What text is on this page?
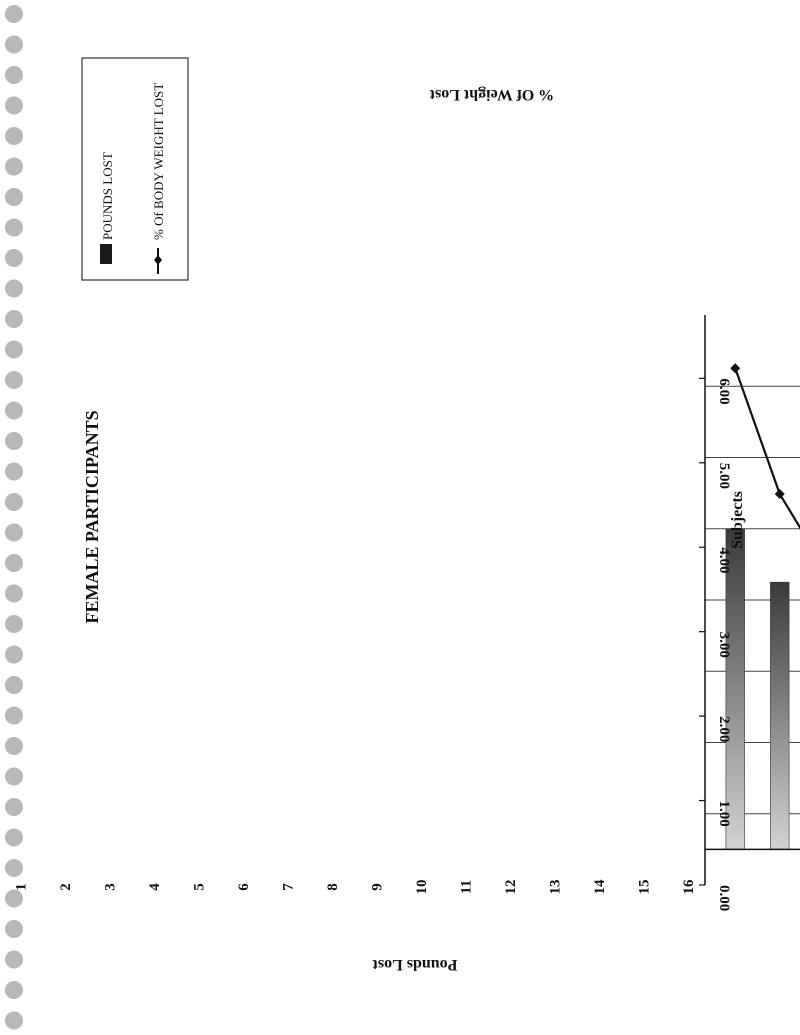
0.00
1.00
2.00
3.00
4.00
5.00
6.00
1 2 3 4 5 6 7 8 9 10 11 12 13 14 15 16
POUNDS LOST	% Of BODY WEIGHT LOST
FEMALE PARTICIPANTS
% Of Weight Lost
Pounds Lost
Subjects
